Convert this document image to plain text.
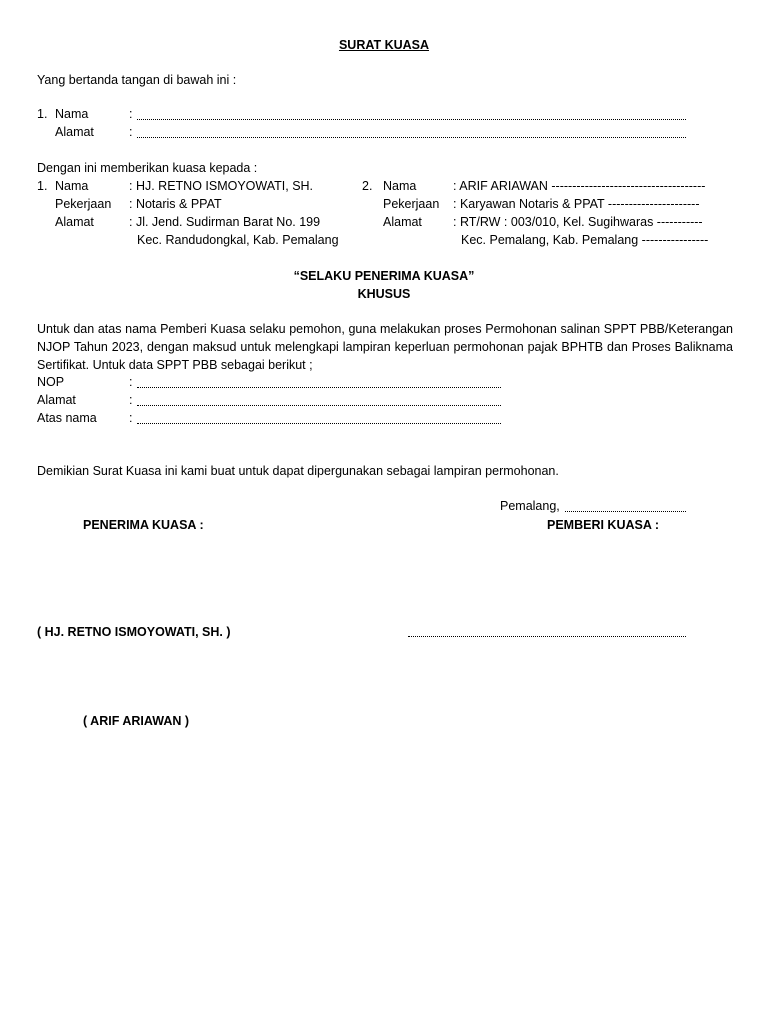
SURAT KUASA
Yang bertanda tangan di bawah ini :
1. Nama	:
Alamat	:
Dengan ini memberikan kuasa kepada :
1. Nama	: HJ. RETNO ISMOYOWATI, SH.
Pekerjaan : Notaris & PPAT
Alamat	: Jl. Jend. Sudirman Barat No. 199
Kec. Randudongkal, Kab. Pemalang
2. Nama	: ARIF ARIAWAN -------------------------------------
Pekerjaan : Karyawan Notaris & PPAT ----------------------
Alamat : RT/RW : 003/010, Kel. Sugihwaras -----------
Kec. Pemalang, Kab. Pemalang ----------------
“SELAKU PENERIMA KUASA”
KHUSUS
Untuk dan atas nama Pemberi Kuasa selaku pemohon, guna melakukan proses Permohonan salinan SPPT PBB/Keterangan NJOP Tahun 2023, dengan maksud untuk melengkapi lampiran keperluan permohonan pajak BPHTB dan Proses Baliknama Sertifikat. Untuk data SPPT PBB sebagai berikut ;
NOP	:
Alamat	:
Atas nama	:
Demikian Surat Kuasa ini kami buat untuk dapat dipergunakan sebagai lampiran permohonan.
Pemalang,
PENERIMA KUASA :	PEMBERI KUASA :
( HJ. RETNO ISMOYOWATI, SH. )
( ARIF ARIAWAN )
